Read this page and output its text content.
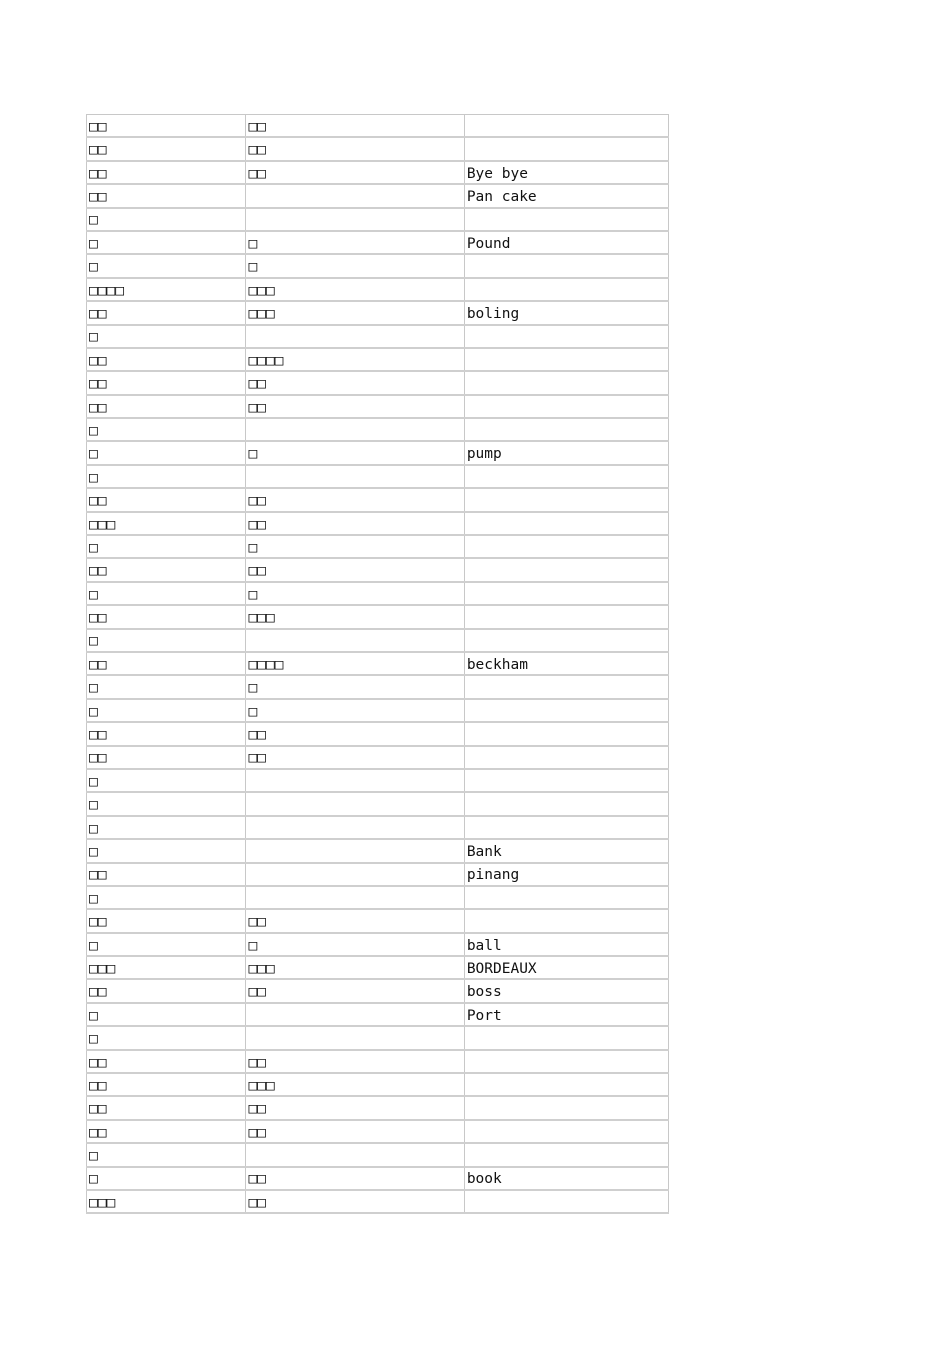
□□	□□	
□□	□□	
□□	□□	Bye bye
□□		Pan cake
□		
□	□	Pound
□	□	
□□□□	□□□	
□□	□□□	boling
□		
□□	□□□□	
□□	□□	
□□	□□	
□		
□	□	pump
□		
□□	□□	
□□□	□□	
□	□	
□□	□□	
□	□	
□□	□□□	
□		
□□	□□□□	beckham
□	□	
□	□	
□□	□□	
□□	□□	
□		
□		
□		
□		Bank
□□		pinang
□		
□□	□□	
□	□	ball
□□□	□□□	BORDEAUX
□□	□□	boss
□		Port
□		
□□	□□	
□□	□□□	
□□	□□	
□□	□□	
□		
□	□□	book
□□□	□□	
